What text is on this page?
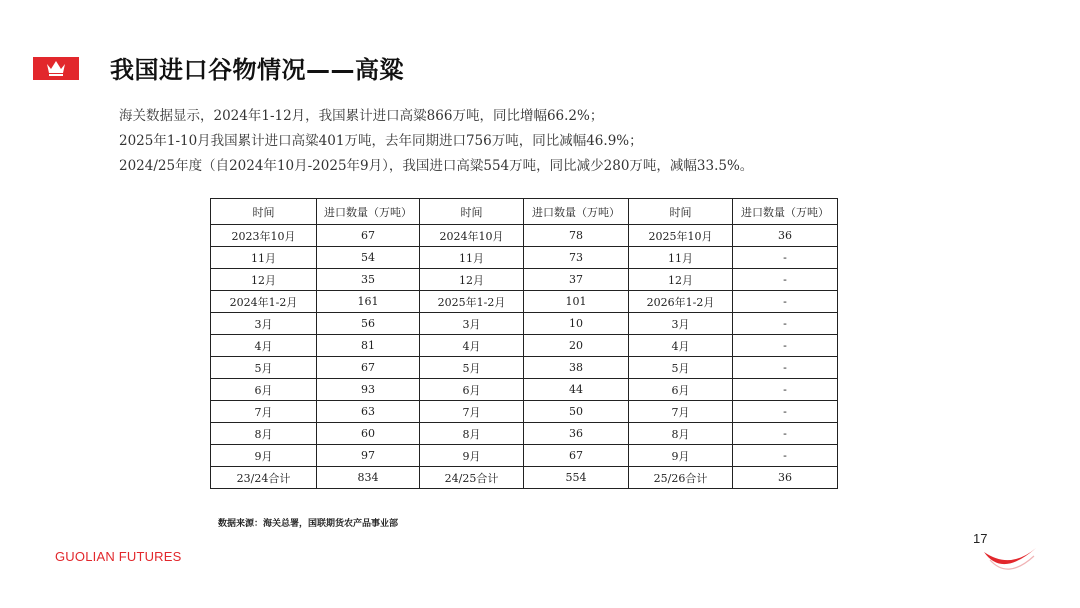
我国进口谷物情况——高粱
海关数据显示，2024年1-12月，我国累计进口高粱866万吨，同比增幅66.2%；
2025年1-10月我国累计进口高粱401万吨，去年同期进口756万吨，同比减幅46.9%；
2024/25年度（自2024年10月-2025年9月），我国进口高粱554万吨，同比减少280万吨，减幅33.5%。
时间	进口数量（万吨）	时间	进口数量（万吨）	时间	进口数量（万吨）
2023年10月	67	2024年10月	78	2025年10月	36
11月	54	11月	73	11月	-
12月	35	12月	37	12月	-
2024年1-2月	161	2025年1-2月	101	2026年1-2月	-
3月	56	3月	10	3月	-
4月	81	4月	20	4月	-
5月	67	5月	38	5月	-
6月	93	6月	44	6月	-
7月	63	7月	50	7月	-
8月	60	8月	36	8月	-
9月	97	9月	67	9月	-
23/24合计	834	24/25合计	554	25/26合计	36
数据来源：海关总署，国联期货农产品事业部
GUOLIAN FUTURES
17
